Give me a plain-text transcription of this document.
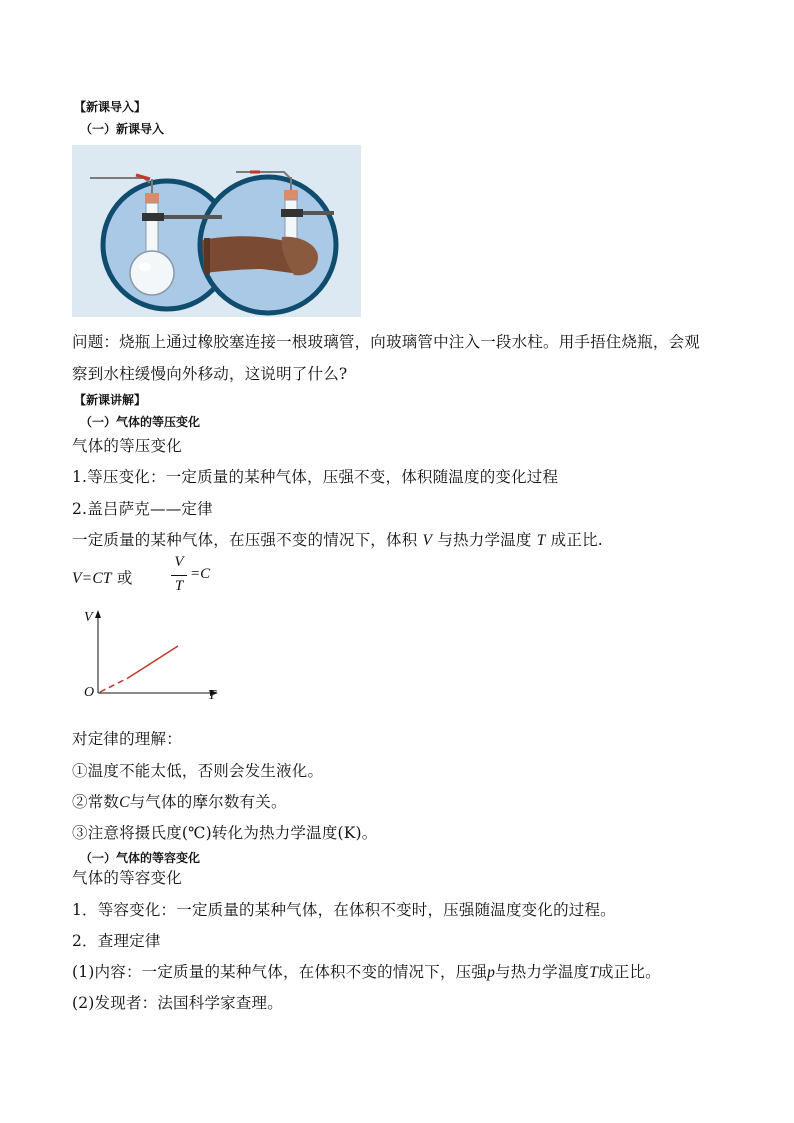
【新课导入】
（一）新课导入
问题：烧瓶上通过橡胶塞连接一根玻璃管，向玻璃管中注入一段水柱。用手捂住烧瓶，会观
察到水柱缓慢向外移动，这说明了什么?
【新课讲解】
（一）气体的等压变化
气体的等压变化
1.等压变化：一定质量的某种气体，压强不变，体积随温度的变化过程
2.盖吕萨克——定律
一定质量的某种气体，在压强不变的情况下，体积 V 与热力学温度 T 成正比.
V=CT 或
V
T
=C
V
O	T
对定律的理解：
①温度不能太低，否则会发生液化。
②常数C与气体的摩尔数有关。
③注意将摄氏度(℃)转化为热力学温度(K)。
（一）气体的等容变化
气体的等容变化
1．等容变化：一定质量的某种气体，在体积不变时，压强随温度变化的过程。
2．查理定律
(1)内容：一定质量的某种气体，在体积不变的情况下，压强p与热力学温度T成正比。
(2)发现者：法国科学家查理。
